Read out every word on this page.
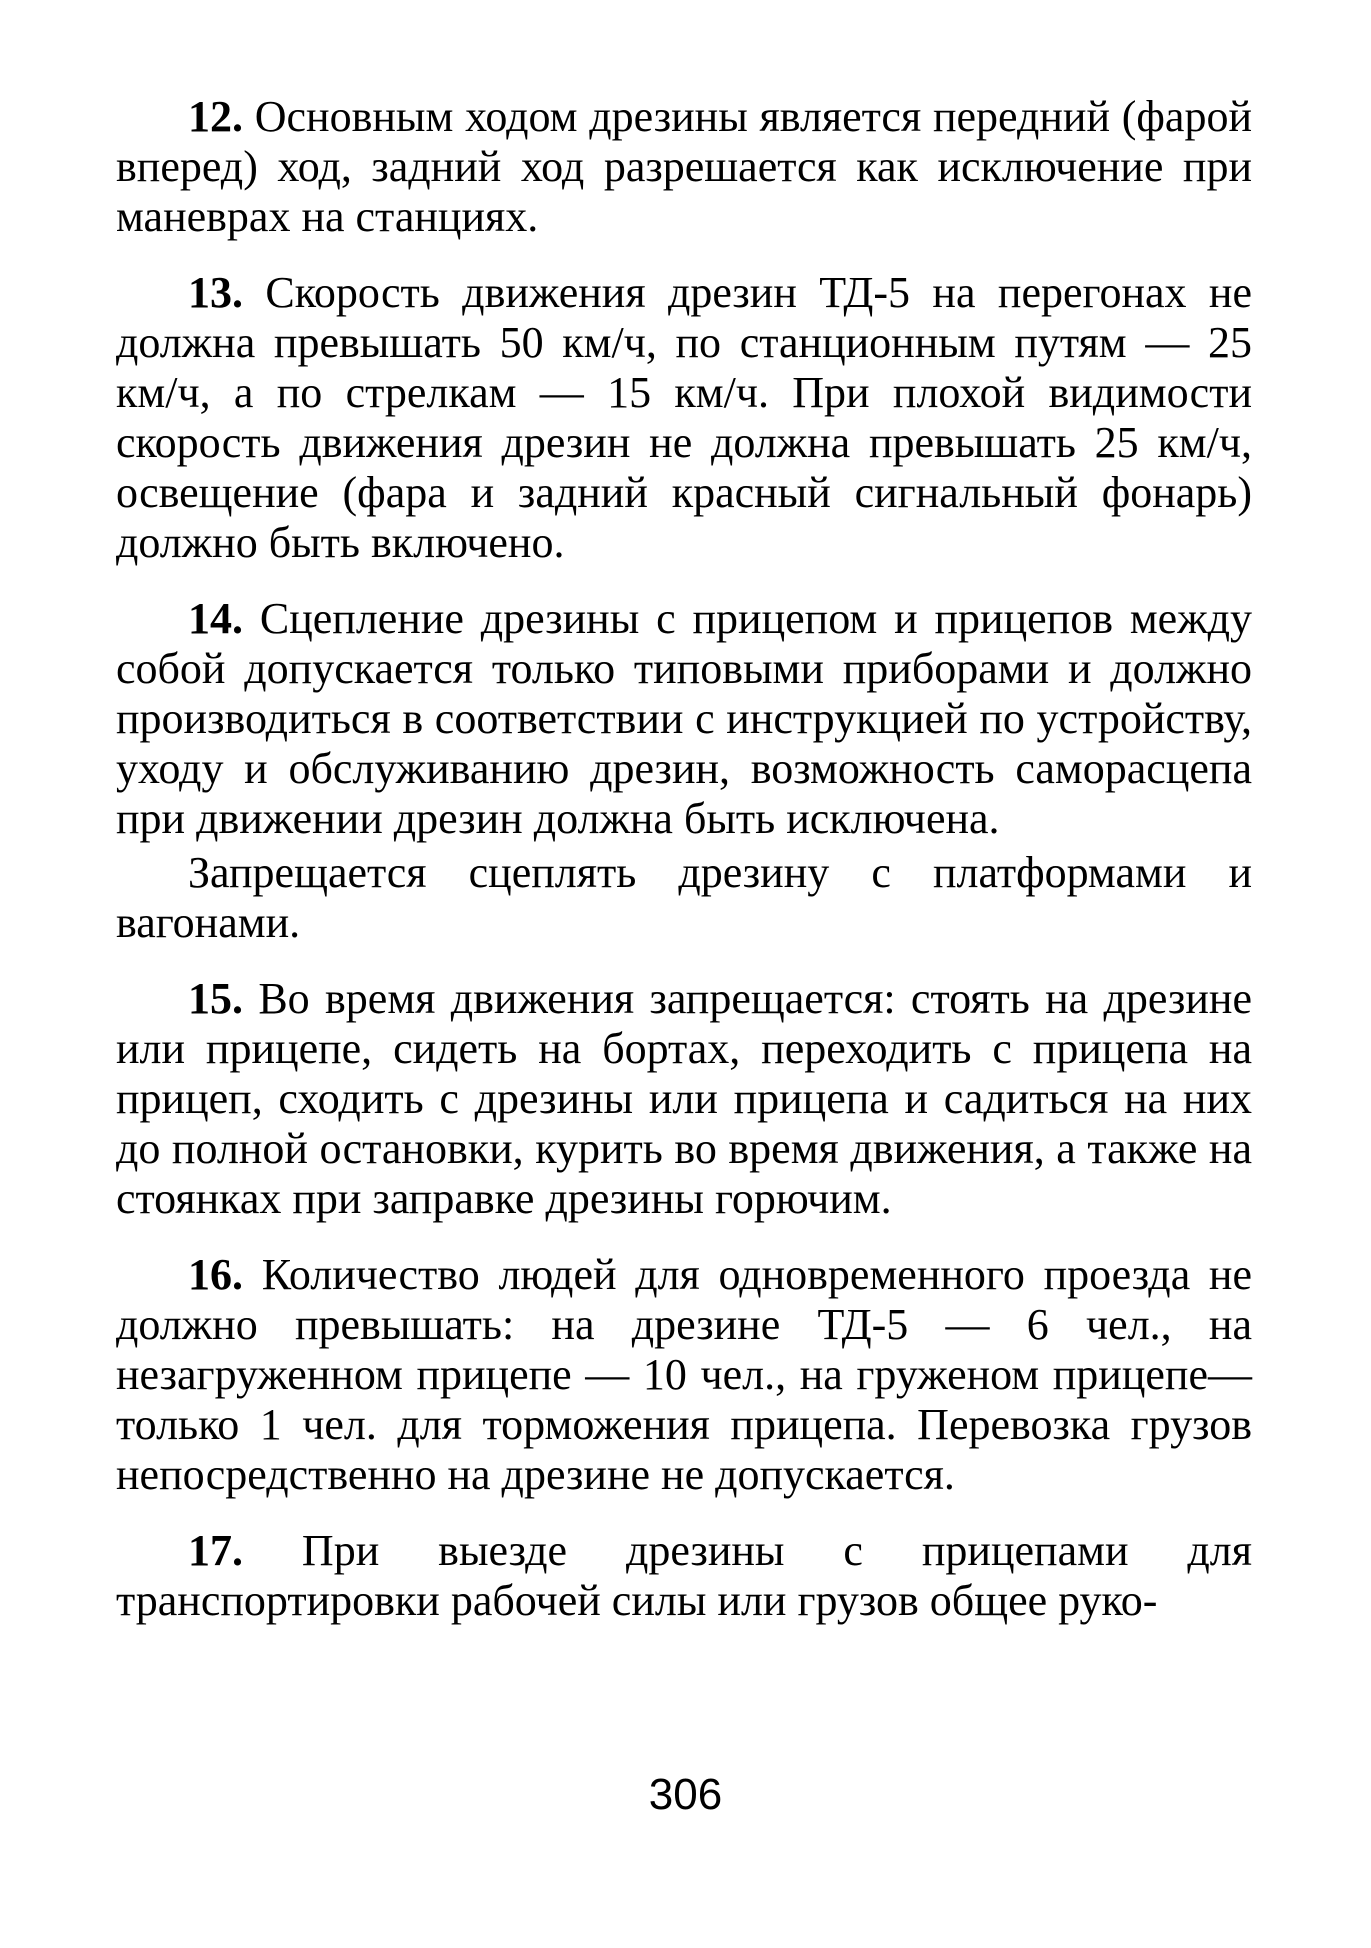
12. Основным ходом дрезины является передний (фарой вперед) ход, задний ход разрешается как исключение при маневрах на станциях.

13. Скорость движения дрезин ТД-5 на перегонах не должна превышать 50 км/ч, по станционным путям — 25 км/ч, а по стрелкам — 15 км/ч. При плохой видимости скорость движения дрезин не должна превышать 25 км/ч, освещение (фара и задний красный сигнальный фонарь) должно быть включено.

14. Сцепление дрезины с прицепом и прицепов между собой допускается только типовыми приборами и должно производиться в соответствии с инструкцией по устройству, уходу и обслуживанию дрезин, возможность саморасцепа при движении дрезин должна быть исключена.

Запрещается сцеплять дрезину с платформами и вагонами.

15. Во время движения запрещается: стоять на дрезине или прицепе, сидеть на бортах, переходить с прицепа на прицеп, сходить с дрезины или прицепа и садиться на них до полной остановки, курить во время движения, а также на стоянках при заправке дрезины горючим.

16. Количество людей для одновременного проезда не должно превышать: на дрезине ТД-5 — 6 чел., на незагруженном прицепе — 10 чел., на груженом прицепе—только 1 чел. для торможения прицепа. Перевозка грузов непосредственно на дрезине не допускается.

17. При выезде дрезины с прицепами для транспортировки рабочей силы или грузов общее руко-

306
